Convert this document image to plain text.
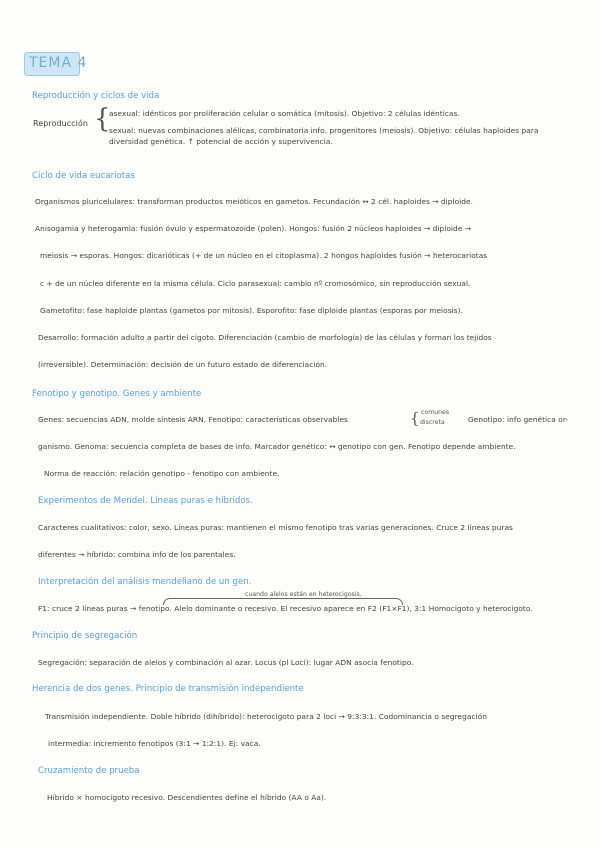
TEMA 4
Reproducción y ciclos de vida
Reproducción {
asexual: idénticos por proliferación celular o somática (mitosis). Objetivo: 2 células idénticas.
sexual: nuevas combinaciones alélicas, combinatoria info. progenitores (meiosis). Objetivo: células haploides para
diversidad genética. ↑ potencial de acción y supervivencia.
Ciclo de vida eucariotas
Organismos pluricelulares: transforman productos meióticos en gametos. Fecundación ↔ 2 cél. haploides → diploide.
Anisogamia y heterogamia: fusión óvulo y espermatozoide (polen). Hongos: fusión 2 núcleos haploides → diploide →
meiosis → esporas. Hongos: dicarióticas (+ de un núcleo en el citoplasma). 2 hongos haploides fusión → heterocariotas
c + de un núcleo diferente en la misma célula. Ciclo parasexual: cambio nº cromosómico, sin reproducción sexual.
Gametofito: fase haploide plantas (gametos por mitosis). Esporofito: fase diploide plantas (esporas por meiosis).
Desarrollo: formación adulto a partir del cigoto. Diferenciación (cambio de morfología) de las células y forman los tejidos
(irreversible). Determinación: decisión de un futuro estado de diferenciación.
Fenotipo y genotipo. Genes y ambiente
Genes: secuencias ADN, molde síntesis ARN. Fenotipo: características observables	{ comunes
discreta	Genotipo: info genética or-
ganismo. Genoma: secuencia completa de bases de info. Marcador genético: ↔ genotipo con gen. Fenotipo depende ambiente.
Norma de reacción: relación genotipo - fenotipo con ambiente.
Experimentos de Mendel. Líneas puras e híbridos.
Caracteres cualitativos: color, sexo. Líneas puras: mantienen el mismo fenotipo tras varias generaciones. Cruce 2 líneas puras
diferentes → híbrido: combina info de los parentales.
Interpretación del análisis mendeliano de un gen.
cuando alelos están en heterocigosis.
F1: cruce 2 líneas puras → fenotipo. Alelo dominante o recesivo. El recesivo aparece en F2 (F1×F1), 3:1 Homocigoto y heterocigoto.
Principio de segregación
Segregación: separación de alelos y combinación al azar. Locus (pl Loci): lugar ADN asocia fenotipo.
Herencia de dos genes. Principio de transmisión independiente
Transmisión independiente. Doble híbrido (dihíbrido): heterocigoto para 2 loci → 9:3:3:1. Codominancia o segregación
intermedia: incremento fenotipos (3:1 → 1:2:1). Ej: vaca.
Cruzamiento de prueba
Híbrido × homocigoto recesivo. Descendientes define el híbrido (AA o Aa).
